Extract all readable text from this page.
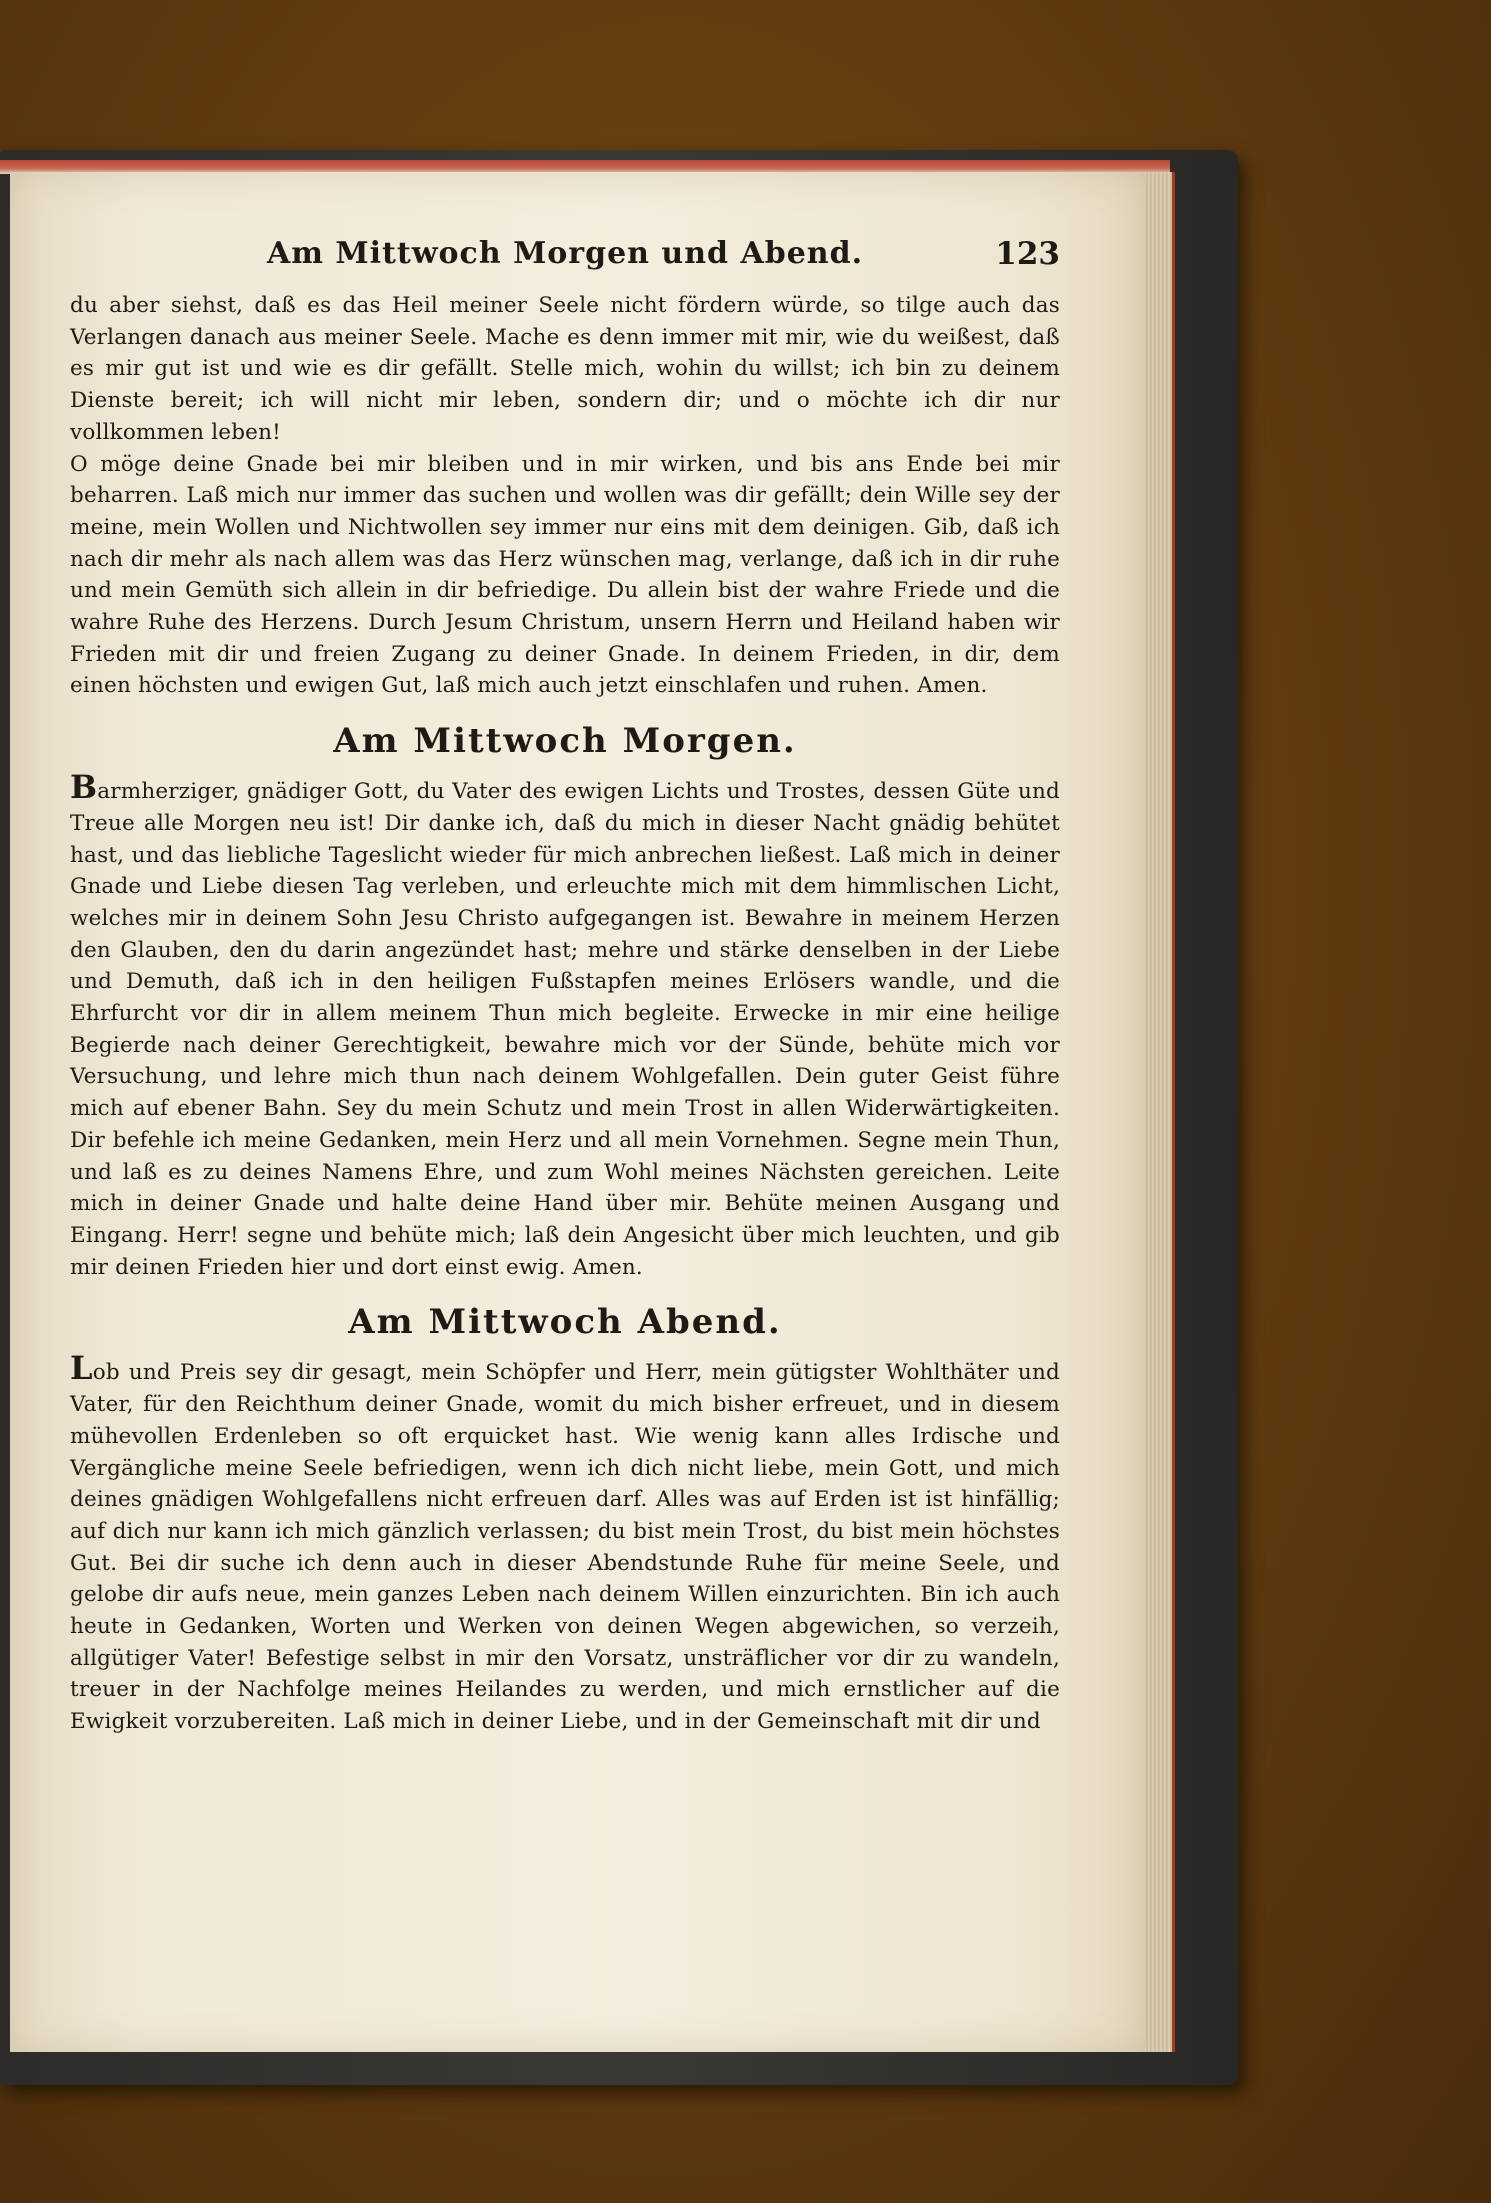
Am Mittwoch Morgen und Abend.	123

du aber siehst, daß es das Heil meiner Seele nicht fördern würde, so tilge auch das Verlangen danach aus meiner Seele. Mache es denn immer mit mir, wie du weißest, daß es mir gut ist und wie es dir gefällt. Stelle mich, wohin du willst; ich bin zu deinem Dienste bereit; ich will nicht mir leben, sondern dir; und o möchte ich dir nur vollkommen leben!

O möge deine Gnade bei mir bleiben und in mir wirken, und bis ans Ende bei mir beharren. Laß mich nur immer das suchen und wollen was dir gefällt; dein Wille sey der meine, mein Wollen und Nichtwollen sey immer nur eins mit dem deinigen. Gib, daß ich nach dir mehr als nach allem was das Herz wünschen mag, verlange, daß ich in dir ruhe und mein Gemüth sich allein in dir befriedige. Du allein bist der wahre Friede und die wahre Ruhe des Herzens. Durch Jesum Christum, unsern Herrn und Heiland haben wir Frieden mit dir und freien Zugang zu deiner Gnade. In deinem Frieden, in dir, dem einen höchsten und ewigen Gut, laß mich auch jetzt einschlafen und ruhen. Amen.

Am Mittwoch Morgen.

Barmherziger, gnädiger Gott, du Vater des ewigen Lichts und Trostes, dessen Güte und Treue alle Morgen neu ist! Dir danke ich, daß du mich in dieser Nacht gnädig behütet hast, und das liebliche Tageslicht wieder für mich anbrechen ließest. Laß mich in deiner Gnade und Liebe diesen Tag verleben, und erleuchte mich mit dem himmlischen Licht, welches mir in deinem Sohn Jesu Christo aufgegangen ist. Bewahre in meinem Herzen den Glauben, den du darin angezündet hast; mehre und stärke denselben in der Liebe und Demuth, daß ich in den heiligen Fußstapfen meines Erlösers wandle, und die Ehrfurcht vor dir in allem meinem Thun mich begleite. Erwecke in mir eine heilige Begierde nach deiner Gerechtigkeit, bewahre mich vor der Sünde, behüte mich vor Versuchung, und lehre mich thun nach deinem Wohlgefallen. Dein guter Geist führe mich auf ebener Bahn. Sey du mein Schutz und mein Trost in allen Widerwärtigkeiten. Dir befehle ich meine Gedanken, mein Herz und all mein Vornehmen. Segne mein Thun, und laß es zu deines Namens Ehre, und zum Wohl meines Nächsten gereichen. Leite mich in deiner Gnade und halte deine Hand über mir. Behüte meinen Ausgang und Eingang. Herr! segne und behüte mich; laß dein Angesicht über mich leuchten, und gib mir deinen Frieden hier und dort einst ewig. Amen.

Am Mittwoch Abend.

Lob und Preis sey dir gesagt, mein Schöpfer und Herr, mein gütigster Wohlthäter und Vater, für den Reichthum deiner Gnade, womit du mich bisher erfreuet, und in diesem mühevollen Erdenleben so oft erquicket hast. Wie wenig kann alles Irdische und Vergängliche meine Seele befriedigen, wenn ich dich nicht liebe, mein Gott, und mich deines gnädigen Wohlgefallens nicht erfreuen darf. Alles was auf Erden ist ist hinfällig; auf dich nur kann ich mich gänzlich verlassen; du bist mein Trost, du bist mein höchstes Gut. Bei dir suche ich denn auch in dieser Abendstunde Ruhe für meine Seele, und gelobe dir aufs neue, mein ganzes Leben nach deinem Willen einzurichten. Bin ich auch heute in Gedanken, Worten und Werken von deinen Wegen abgewichen, so verzeih, allgütiger Vater! Befestige selbst in mir den Vorsatz, unsträflicher vor dir zu wandeln, treuer in der Nachfolge meines Heilandes zu werden, und mich ernstlicher auf die Ewigkeit vorzubereiten. Laß mich in deiner Liebe, und in der Gemeinschaft mit dir und
